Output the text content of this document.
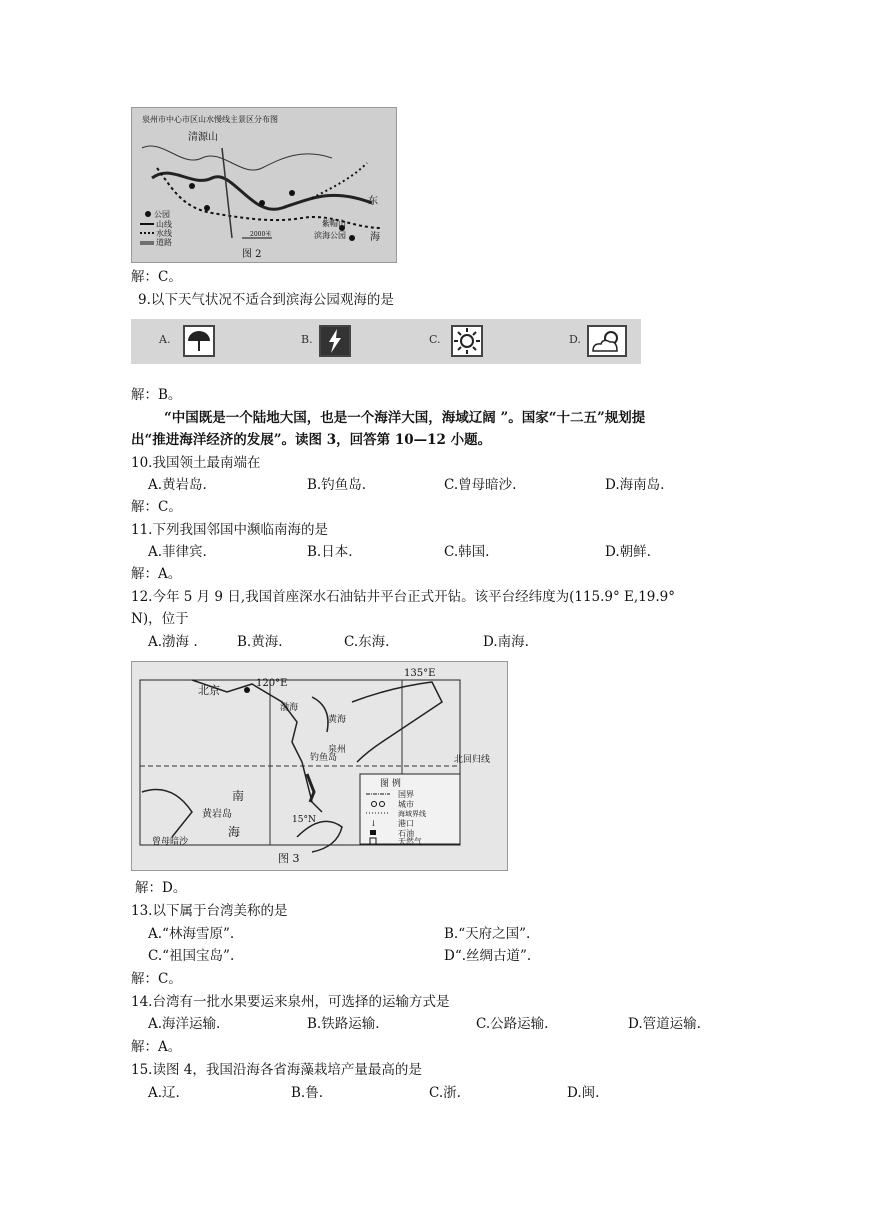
泉州市中心市区山水慢线主景区分布图
清源山
东
紫帽山
滨海公园 海
公园
山线
水线
道路
2000米
图 2
解：C。
9.以下天气状况不适合到滨海公园观海的是
A.	B.	C.	D.
解：B。
“中国既是一个陆地大国，也是一个海洋大国，海域辽阔 ”。国家“十二五”规划提
出“推进海洋经济的发展”。读图 3，回答第 10—12 小题。
10.我国领土最南端在
A.黄岩岛.	B.钓鱼岛.	C.曾母暗沙.	D.海南岛.
解：C。
11.下列我国邻国中濒临南海的是
A.菲律宾.	B.日本.	C.韩国.	D.朝鲜.
解：A。
12.今年 5 月 9 日,我国首座深水石油钻井平台正式开钻。该平台经纬度为(115.9° E,19.9°
N)，位于
A.渤海 .	B.黄海.	C.东海.	D.南海.
120°E
135°E
北京
渤海
黄海
泉州
钓鱼岛
南
黄岩岛
海
15°N
北回归线
曾母暗沙
图 例
国界
城市
海域界线
↓	港口
石油
天然气
图 3
解：D。
13.以下属于台湾美称的是
A.“林海雪原”.	B.“天府之国”.
C.“祖国宝岛”.	D“.丝绸古道”.
解：C。
14.台湾有一批水果要运来泉州，可选择的运输方式是
A.海洋运输.	B.铁路运输.	C.公路运输.	D.管道运输.
解：A。
15.读图 4，我国沿海各省海藻栽培产量最高的是
A.辽.	B.鲁.	C.浙.	D.闽.
